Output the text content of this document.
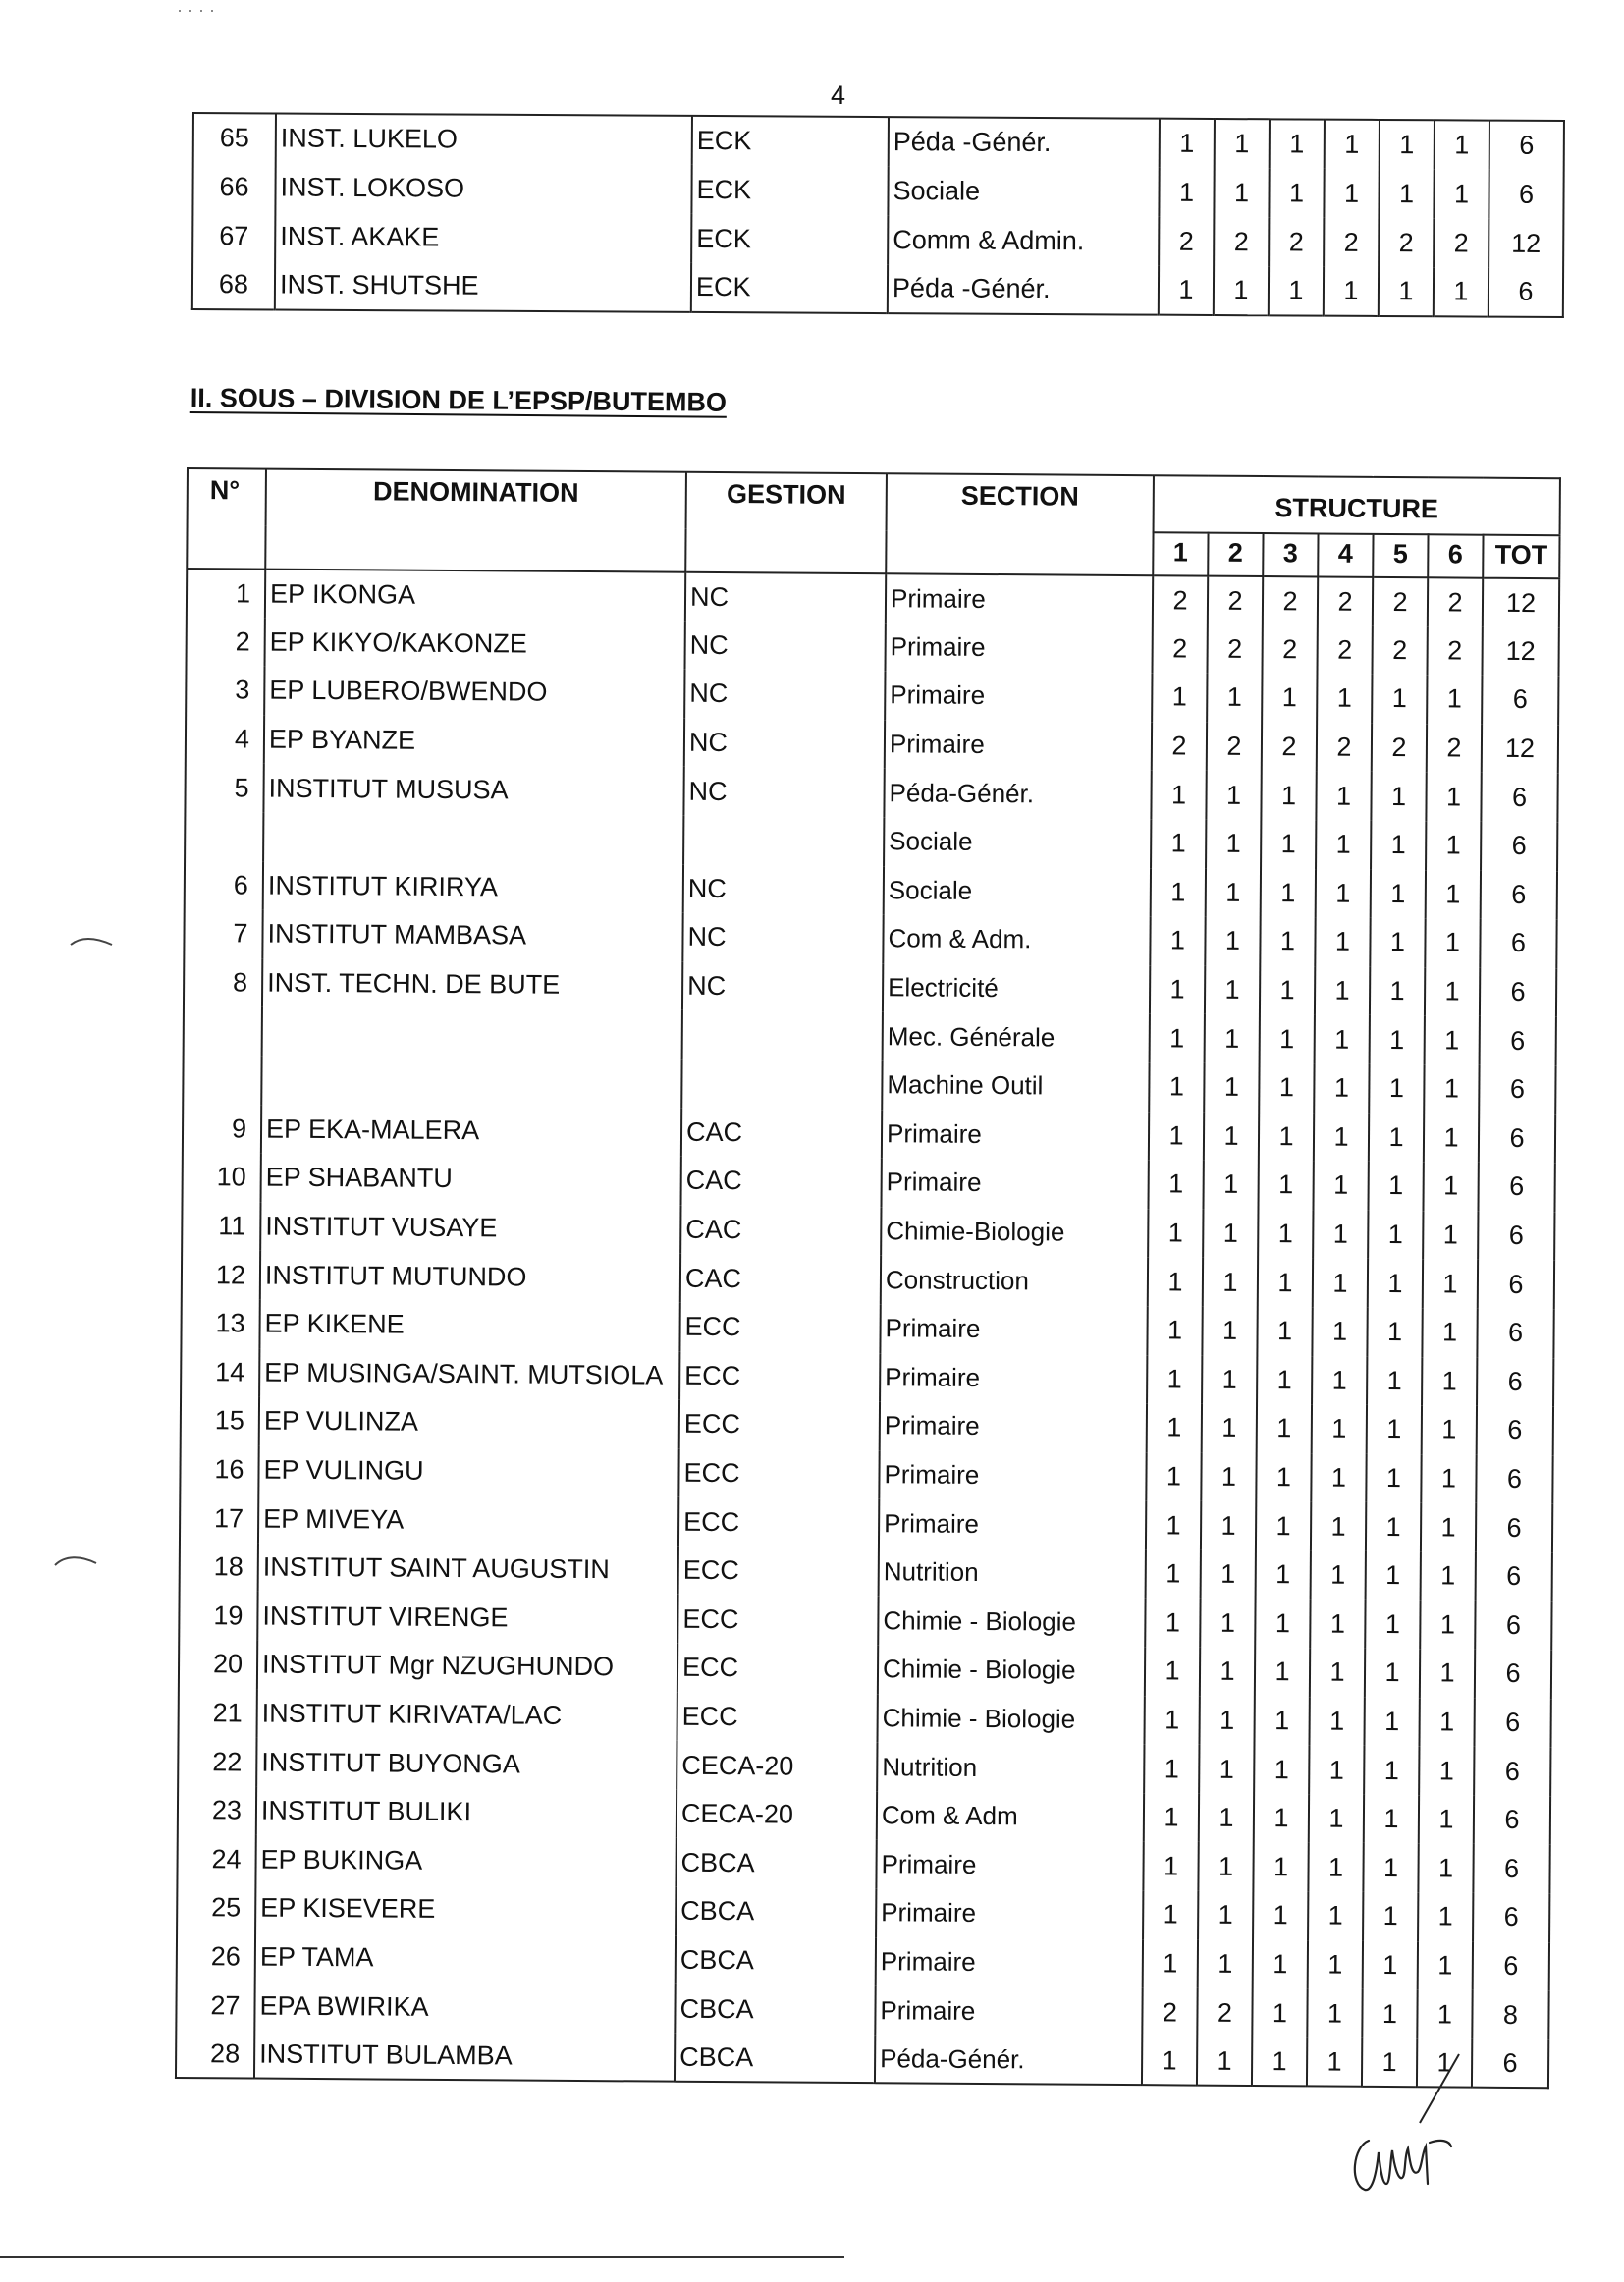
· · · ·
4
65	INST. LUKELO	ECK	Péda -Génér.	1	1	1	1	1	1	6
66	INST. LOKOSO	ECK	Sociale	1	1	1	1	1	1	6
67	INST. AKAKE	ECK	Comm & Admin.	2	2	2	2	2	2	12
68	INST. SHUTSHE	ECK	Péda -Génér.	1	1	1	1	1	1	6
II. SOUS – DIVISION DE L’EPSP/BUTEMBO
N°	DENOMINATION	GESTION	SECTION	STRUCTURE						
				1	2	3	4	5	6	TOT
1	EP IKONGA	NC	Primaire	2	2	2	2	2	2	12
2	EP KIKYO/KAKONZE	NC	Primaire	2	2	2	2	2	2	12
3	EP LUBERO/BWENDO	NC	Primaire	1	1	1	1	1	1	6
4	EP BYANZE	NC	Primaire	2	2	2	2	2	2	12
5	INSTITUT MUSUSA	NC	Péda-Génér.	1	1	1	1	1	1	6
			Sociale	1	1	1	1	1	1	6
6	INSTITUT KIRIRYA	NC	Sociale	1	1	1	1	1	1	6
7	INSTITUT MAMBASA	NC	Com & Adm.	1	1	1	1	1	1	6
8	INST. TECHN. DE BUTE	NC	Electricité	1	1	1	1	1	1	6
			Mec. Générale	1	1	1	1	1	1	6
			Machine Outil	1	1	1	1	1	1	6
9	EP EKA-MALERA	CAC	Primaire	1	1	1	1	1	1	6
10	EP SHABANTU	CAC	Primaire	1	1	1	1	1	1	6
11	INSTITUT VUSAYE	CAC	Chimie-Biologie	1	1	1	1	1	1	6
12	INSTITUT MUTUNDO	CAC	Construction	1	1	1	1	1	1	6
13	EP KIKENE	ECC	Primaire	1	1	1	1	1	1	6
14	EP MUSINGA/SAINT. MUTSIOLA	ECC	Primaire	1	1	1	1	1	1	6
15	EP VULINZA	ECC	Primaire	1	1	1	1	1	1	6
16	EP VULINGU	ECC	Primaire	1	1	1	1	1	1	6
17	EP MIVEYA	ECC	Primaire	1	1	1	1	1	1	6
18	INSTITUT SAINT AUGUSTIN	ECC	Nutrition	1	1	1	1	1	1	6
19	INSTITUT VIRENGE	ECC	Chimie - Biologie	1	1	1	1	1	1	6
20	INSTITUT Mgr NZUGHUNDO	ECC	Chimie - Biologie	1	1	1	1	1	1	6
21	INSTITUT KIRIVATA/LAC	ECC	Chimie - Biologie	1	1	1	1	1	1	6
22	INSTITUT BUYONGA	CECA-20	Nutrition	1	1	1	1	1	1	6
23	INSTITUT BULIKI	CECA-20	Com & Adm	1	1	1	1	1	1	6
24	EP BUKINGA	CBCA	Primaire	1	1	1	1	1	1	6
25	EP KISEVERE	CBCA	Primaire	1	1	1	1	1	1	6
26	EP TAMA	CBCA	Primaire	1	1	1	1	1	1	6
27	EPA BWIRIKA	CBCA	Primaire	2	2	1	1	1	1	8
28	INSTITUT BULAMBA	CBCA	Péda-Génér.	1	1	1	1	1	1	6
